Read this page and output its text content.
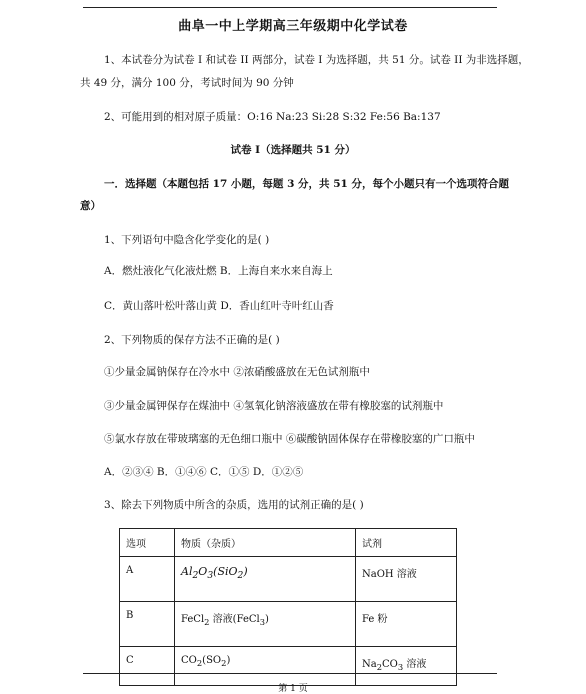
曲阜一中上学期高三年级期中化学试卷
1、本试卷分为试卷 I 和试卷 II 两部分，试卷 I 为选择题，共 51 分。试卷 II 为非选择题，
共 49 分，满分 100 分，考试时间为 90 分钟
2、可能用到的相对原子质量：O:16 Na:23 Si:28 S:32 Fe:56 Ba:137
试卷 I（选择题共 51 分）
一．选择题（本题包括 17 小题，每题 3 分，共 51 分，每个小题只有一个选项符合题
意）
1、下列语句中隐含化学变化的是( )
A．燃灶液化气化液灶燃 B．上海自来水来自海上
C．黄山落叶松叶落山黄 D．香山红叶寺叶红山香
2、下列物质的保存方法不正确的是( )
①少量金属钠保存在冷水中 ②浓硝酸盛放在无色试剂瓶中
③少量金属钾保存在煤油中 ④氢氧化钠溶液盛放在带有橡胶塞的试剂瓶中
⑤氯水存放在带玻璃塞的无色细口瓶中 ⑥碳酸钠固体保存在带橡胶塞的广口瓶中
A．②③④ B．①④⑥ C．①⑤ D．①②⑤
3、除去下列物质中所含的杂质，选用的试剂正确的是( )
选项	物质（杂质）	试剂
A	$Al_2O_3(SiO_2)$	NaOH 溶液
B	FeCl$_2$ 溶液(FeCl$_3$)	Fe 粉
C	$CO_2(SO_2)$	$Na_2CO_3$ 溶液
第 1 页
